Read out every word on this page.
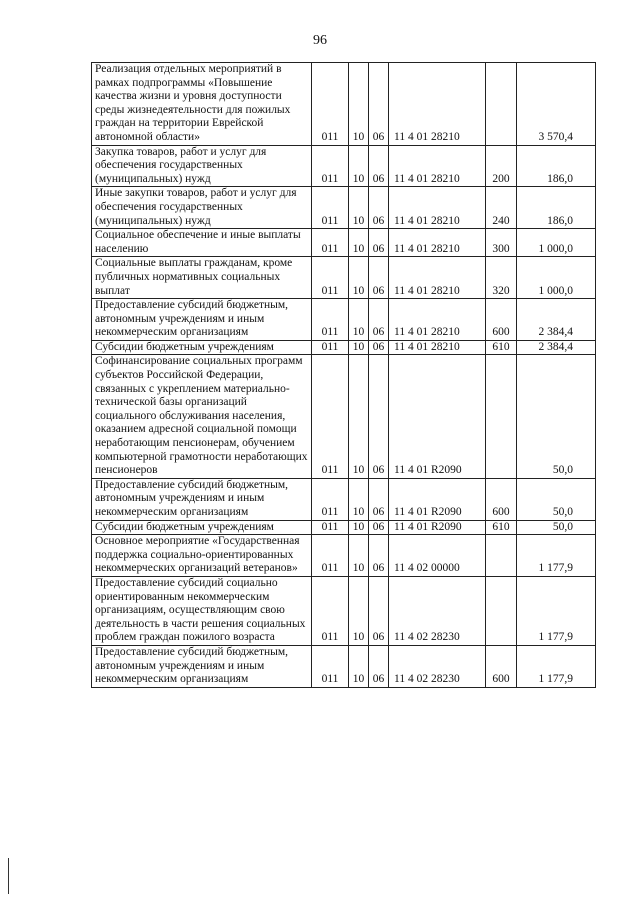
96
Реализация отдельных мероприятий в рамках подпрограммы «Повышение качества жизни и уровня доступности среды жизнедеятельности для пожилых граждан на территории Еврейской автономной области»	011	10	06	11 4 01 28210		3 570,4
Закупка товаров, работ и услуг для обеспечения государственных (муниципальных) нужд	011	10	06	11 4 01 28210	200	186,0
Иные закупки товаров, работ и услуг для обеспечения государственных (муниципальных) нужд	011	10	06	11 4 01 28210	240	186,0
Социальное обеспечение и иные выплаты населению	011	10	06	11 4 01 28210	300	1 000,0
Социальные выплаты гражданам, кроме публичных нормативных социальных выплат	011	10	06	11 4 01 28210	320	1 000,0
Предоставление субсидий бюджетным, автономным учреждениям и иным некоммерческим организациям	011	10	06	11 4 01 28210	600	2 384,4
Субсидии бюджетным учреждениям	011	10	06	11 4 01 28210	610	2 384,4
Софинансирование социальных программ субъектов Российской Федерации, связанных с укреплением материально-технической базы организаций социального обслуживания населения, оказанием адресной социальной помощи неработающим пенсионерам, обучением компьютерной грамотности неработающих пенсионеров	011	10	06	11 4 01 R2090		50,0
Предоставление субсидий бюджетным, автономным учреждениям и иным некоммерческим организациям	011	10	06	11 4 01 R2090	600	50,0
Субсидии бюджетным учреждениям	011	10	06	11 4 01 R2090	610	50,0
Основное мероприятие «Государственная поддержка социально-ориентированных некоммерческих организаций ветеранов»	011	10	06	11 4 02 00000		1 177,9
Предоставление субсидий социально ориентированным некоммерческим организациям, осуществляющим свою деятельность в части решения социальных проблем граждан пожилого возраста	011	10	06	11 4 02 28230		1 177,9
Предоставление субсидий бюджетным, автономным учреждениям и иным некоммерческим организациям	011	10	06	11 4 02 28230	600	1 177,9
